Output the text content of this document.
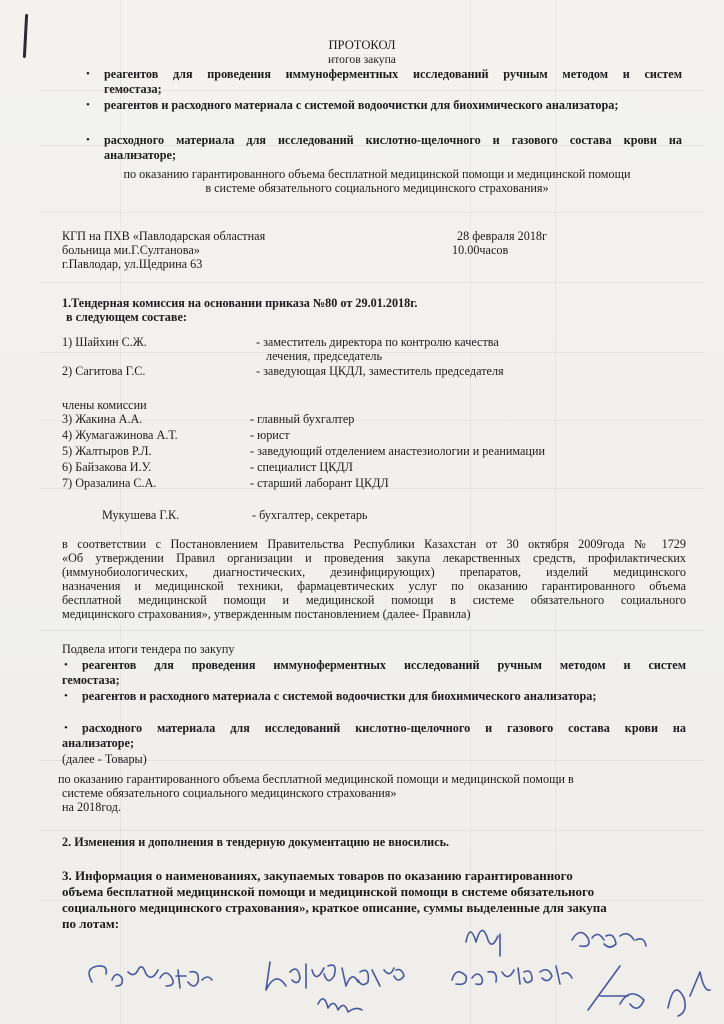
ПРОТОКОЛ
итогов закупа
• реагентов для проведения иммуноферментных исследований ручным методом и систем
гемостаза;
• реагентов и расходного материала с системой водоочистки для биохимического анализатора;
• расходного материала для исследований кислотно-щелочного и газового состава крови на
анализаторе;
по оказанию гарантированного объема бесплатной медицинской помощи и медицинской помощи
в системе обязательного социального медицинского страхования»
КГП на ПХВ «Павлодарская областная
больница ми.Г.Султанова»
г.Павлодар, ул.Щедрина 63
28 февраля 2018г
10.00часов
1.Тендерная комиссия на основании приказа №80 от 29.01.2018г.
в следующем составе:
1) Шайхин С.Ж.	- заместитель директора по контролю качества
лечения, председатель
2) Сагитова Г.С.	- заведующая ЦКДЛ, заместитель председателя
члены комиссии
3) Жакина А.А.	- главный бухгалтер
4) Жумагажинова А.Т.	- юрист
5) Жалтыров Р.Л.	- заведующий отделением анастезиологии и реанимации
6) Байзакова И.У.	- специалист ЦКДЛ
7) Оразалина С.А.	- старший лаборант ЦКДЛ
Мукушева Г.К.	- бухгалтер, секретарь
в соответствии с Постановлением Правительства Республики Казахстан от 30 октября 2009года № 1729
«Об утверждении Правил организации и проведения закупа лекарственных средств, профилактических
(иммунобиологических, диагностических, дезинфицирующих) препаратов, изделий медицинского
назначения и медицинской техники, фармацевтических услуг по оказанию гарантированного объема
бесплатной медицинской помощи и медицинской помощи в системе обязательного социального
медицинского страхования», утвержденным постановлением (далее- Правила)
Подвела итоги тендера по закупу
• реагентов для проведения иммуноферментных исследований ручным методом и систем
гемостаза;
• реагентов и расходного материала с системой водоочистки для биохимического анализатора;
• расходного материала для исследований кислотно-щелочного и газового состава крови на
анализаторе;
(далее - Товары)
по оказанию гарантированного объема бесплатной медицинской помощи и медицинской помощи в
системе обязательного социального медицинского страхования»
на 2018год.
2. Изменения и дополнения в тендерную документацию не вносились.
3. Информация о наименованиях, закупаемых товаров по оказанию гарантированного
объема бесплатной медицинской помощи и медицинской помощи в системе обязательного
социального медицинского страхования», краткое описание, суммы выделенные для закупа
по лотам:
